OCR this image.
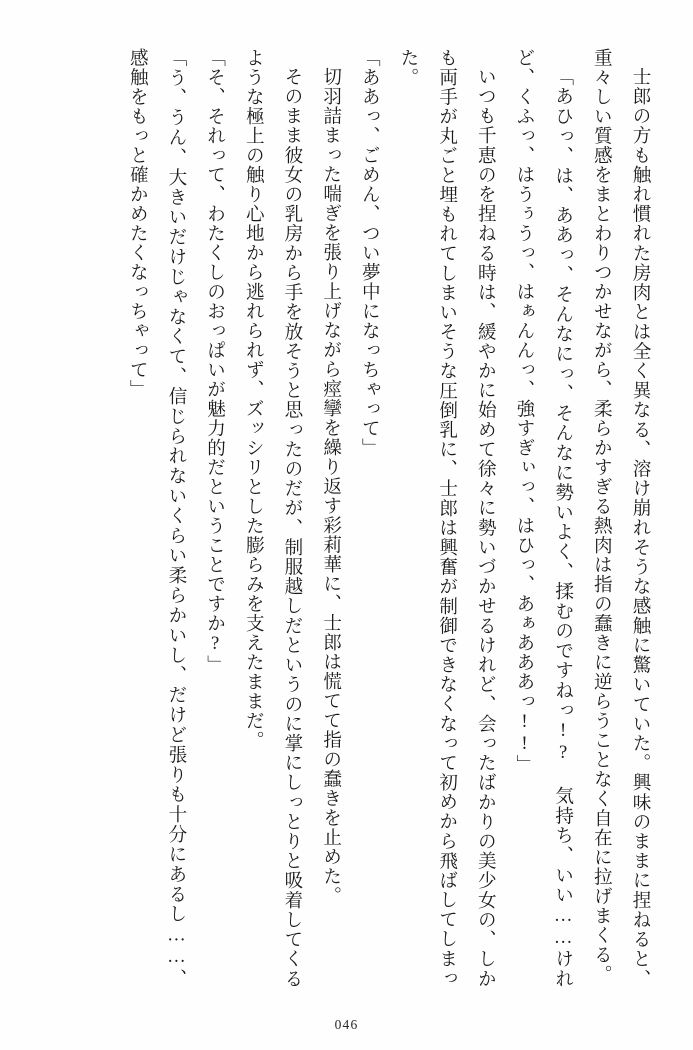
士郎の方も触れ慣れた房肉とは全く異なる、溶け崩れそうな感触に驚いていた。興味のままに捏ねると、重々しい質感をまとわりつかせながら、柔らかすぎる熱肉は指の蠢きに逆らうことなく自在に拉げまくる。

「あひっ、は、ああっ、そんなにっ、そんなに勢いよく、揉むのですねっ!? 気持ち、いい……けれど、くふっ、はうぅうっ、はぁんんっ、強すぎぃっ、はひっ、あぁあああっ!!」

いつも千恵のを捏ねる時は、緩やかに始めて徐々に勢いづかせるけれど、会ったばかりの美少女の、しかも両手が丸ごと埋もれてしまいそうな圧倒乳に、士郎は興奮が制御できなくなって初めから飛ばしてしまった。

「ああっ、ごめん、つい夢中になっちゃって」

切羽詰まった喘ぎを張り上げながら痙攣を繰り返す彩莉華に、士郎は慌てて指の蠢きを止めた。

そのまま彼女の乳房から手を放そうと思ったのだが、制服越しだというのに掌にしっとりと吸着してくるような極上の触り心地から逃れられず、ズッシリとした膨らみを支えたままだ。

「そ、それって、わたくしのおっぱいが魅力的だということですか?」

「う、うん、大きいだけじゃなくて、信じられないくらい柔らかいし、だけど張りも十分にあるし……、感触をもっと確かめたくなっちゃって」

046
